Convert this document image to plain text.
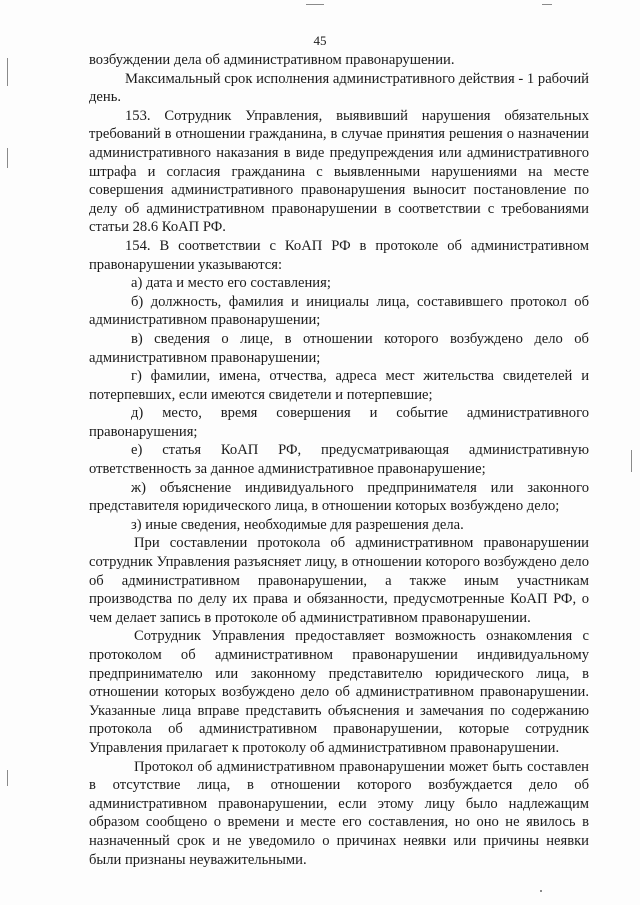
45

возбуждении дела об административном правонарушении.

Максимальный срок исполнения административного действия - 1 рабочий день.

153. Сотрудник Управления, выявивший нарушения обязательных требований в отношении гражданина, в случае принятия решения о назначении административного наказания в виде предупреждения или административного штрафа и согласия гражданина с выявленными нарушениями на месте совершения административного правонарушения выносит постановление по делу об административном правонарушении в соответствии с требованиями статьи 28.6 КоАП РФ.

154. В соответствии с КоАП РФ в протоколе об административном правонарушении указываются:

а) дата и место его составления;

б) должность, фамилия и инициалы лица, составившего протокол об административном правонарушении;

в) сведения о лице, в отношении которого возбуждено дело об административном правонарушении;

г) фамилии, имена, отчества, адреса мест жительства свидетелей и потерпевших, если имеются свидетели и потерпевшие;

д) место, время совершения и событие административного правонарушения;

е) статья КоАП РФ, предусматривающая административную ответственность за данное административное правонарушение;

ж) объяснение индивидуального предпринимателя или законного представителя юридического лица, в отношении которых возбуждено дело;

з) иные сведения, необходимые для разрешения дела.

При составлении протокола об административном правонарушении сотрудник Управления разъясняет лицу, в отношении которого возбуждено дело об административном правонарушении, а также иным участникам производства по делу их права и обязанности, предусмотренные КоАП РФ, о чем делает запись в протоколе об административном правонарушении.

Сотрудник Управления предоставляет возможность ознакомления с протоколом об административном правонарушении индивидуальному предпринимателю или законному представителю юридического лица, в отношении которых возбуждено дело об административном правонарушении. Указанные лица вправе представить объяснения и замечания по содержанию протокола об административном правонарушении, которые сотрудник Управления прилагает к протоколу об административном правонарушении.

Протокол об административном правонарушении может быть составлен в отсутствие лица, в отношении которого возбуждается дело об административном правонарушении, если этому лицу было надлежащим образом сообщено о времени и месте его составления, но оно не явилось в назначенный срок и не уведомило о причинах неявки или причины неявки были признаны неуважительными.
